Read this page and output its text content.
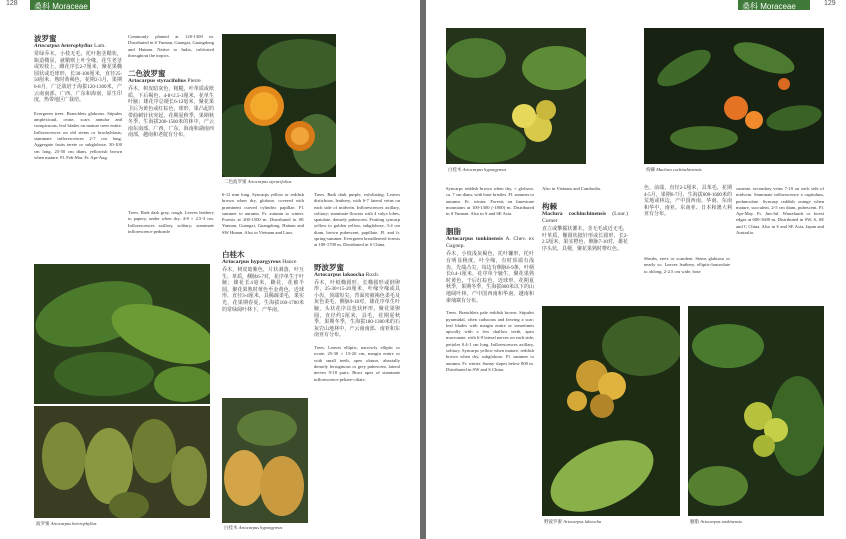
128 桑科 Moraceae
波罗蜜
Artocarpus heterophyllus Lam.
常绿乔木，小枝无毛，托叶抱茎鞘状，瓶造鞘显，就鞘则上叶全缘，花生老茎或短枝上，雌花序长2-7厘米，聚花果椭圆状或近球形，长30-100厘米，直径25-50厘米，熟时黄褐色，花期2-3月，果期6-8月，广泛栽培于海拔120-1300米，产云南南部、广西、广东和海南，原生印度，热带地区广栽培。
Evergreen trees. Branchlets glabrous. Stipules amplexicaul, ovate, scars annular and conspicuous; leaf blades on mature trees entire. Inflorescences on old stems or brachyblasts; staminate inflorescences 2-7 cm long. Aggregate fruits terete or subglobose, 30-100 cm long, 25-50 cm diam, yellowish brown when mature. Fl. Feb-Mar. Fr. Apr-Aug.
Commonly planted at 120-1300 m. Distributed in S Yunnan, Guangxi, Guangdong and Hainan. Native to India, cultivated throughout the tropics.
二色波罗蜜
Artocarpus styracifolius Pierre
乔木，树皮暗灰色，粗糙，叶革质或纸质，下后褐色，4-8×2.5-3厘米，花单生叶腋；雄花序总梗长6-12毫米，聚花果卫后为黄色或红棕色，球形，果凸起的带曲刺针状突起，花期夏秋季，果期秋冬季，生海拔200-1500米的林中，产云南东南部、广西、广东、海南和湖南西南部，越南和老挝有分布。
Trees. Bark dark gray, rough. Leaves leathery to papery, under when dry, 4-8 × 2.5-3 cm. Inflorescences axillary, solitary; staminate inflorescence peduncle
二色波罗蜜 Artocarpus styracifolius
6-12 mm long. Syncarps yellow or reddish brown when dry, globose, covered with prominent curved cylindric papillae. Fl. summer to autumn. Fr. autumn to winter. Forests at 200-1500 m. Distributed in SE Yunnan, Guangxi, Guangdong, Hainan and SW Hunan. Also in Vietnam and Laos.
白桂木
Artocarpus hypargyreus Hance
乔木，树皮暗紫色，片状剥落，叶互生，革质，侧脉6-7对，花序单生于叶腋；雄花长4毫米，雌花，花被半圆，聚花果熟时黄色至金黄色，近球形，直径3-4厘米，具稀疏柔毛，果实光，花果期春夏，生海拔160-1700米的常绿阔叶林下，产华南。
Trees. Bark dark purple, exfoliating. Leaves distichous, leathery, with 6-7 lateral veins on each side of midvein. Inflorescences axillary, solitary; staminate flowers with 4 calyx lobes, spatulate, densely pubescent. Fruiting syncarp yellow to golden yellow, subglobose, 3-4 cm diam, brown pubescent, papillate. Fl. and fr. spring-summer. Evergreen broadleaved forests at 100-1700 m. Distributed in S China.
野波罗蜜
Artocarpus lakoocha Roxb.
乔木，叶纸椭圆形，长椭圆形或倒卵形，25-30×15-20厘米，叶缘全缘或具小齿，顶端短尖，背面密被褐色柔毛及灰色柔毛，侧脉9-18对，雄花序单生叶腋，头状花序具苞状杯形，聚花果卵圆，直径约5厘米，具毛，花期夏秋季，果期冬季，生海拔180-1300米的石灰岩山地林中，产云南南部、南亚和东南亚有分布。
Trees. Leaves elliptic, narrowly elliptic or ovate, 25-30 × 15-20 cm, margin entire or with small teeth, apex obtuse, abaxially densely ferruginous or grey pubescent, lateral nerves 9-18 pairs. Bract apex of staminate inflorescence peltate-ciliate.
波罗蜜 Artocarpus heterophyllus
白桂木 Artocarpus hypargyreus
桑科 Moraceae	129
白桂木 Artocarpus hypargyreus	构棘 Maclura cochinchinensis
Syncarps reddish brown when dry, + globose, ca. 7 cm diam, with base bristles. Fl. summer to autumn. Fr. winter. Forests on limestone mountains at 100-1300 (-1800) m. Distributed in S Yunnan. Also in S and SE Asia.
胭脂
Artocarpus tonkinensis A. Chev. ex Gagnep.
乔木，小枝浅灰褐色，托叶镰形，托叶有明显稜度，叶全缘，有时顶端有浅齿，先端凸尖，每边有侧脉6-9条，叶柄长0.4-1厘米，花序单个腋生，聚花果熟时黄色，干后红棕色，近球形，花期夏秋季，果期冬季，生海拔800米以下的山地阔叶林，产中国西南和华南，越南和柬埔寨有分布。
Trees. Branchlets pale reddish brown. Stipules pyramidal, often caducous and leaving a scar; leaf blades with margin entire or sometimes apically with a few shallow teeth, apex mucronate, with 6-9 lateral nerves on each side; petioles 0.4-1 cm long. Inflorescences axillary, solitary. Syncarps yellow when mature, reddish brown when dry, subglobose. Fl. summer to autumn. Fr. winter. Sunny slopes below 800 m. Distributed in SW and S China.
Also in Vietnam and Cambodia.
构棘
Maclura cochinchinensis (Lour.) Corner
直立或攀援状灌木，茎无毛或近无毛，叶革质，椭圆状披针形或长圆形，长2-2.5厘米，果实橙色，侧脉7-10对，雄花序头状，具梗，聚花果熟时橙红色。
色，前端，直径2-5厘米，具苯毛，花期4-5月，果期6-7月，生海拔600-1600米的荒地或林边，产中国西南、华南、东南和华中，南亚、东南亚、日本和澳大利亚有分布。
cuneate, secondary veins 7-10 on each side of midvein. Staminate inflorescence a capitulum, pedunculate. Syncarp reddish orange when mature, succulent, 2-5 cm diam, pubescent. Fl. Apr-May. Fr. Jun-Jul. Wastelands or forest edges at 600-1600 m. Distributed in SW, S, SE and C China. Also in S and SE Asia, Japan and Australia.
Shrubs, erect or scandent. Stems glabrous or nearly so. Leaves leathery, elliptic-lanceolate to oblong, 2-2.5 cm wide, base
野波罗蜜 Artocarpus lakoocha	胭脂 Artocarpus tonkinensis
